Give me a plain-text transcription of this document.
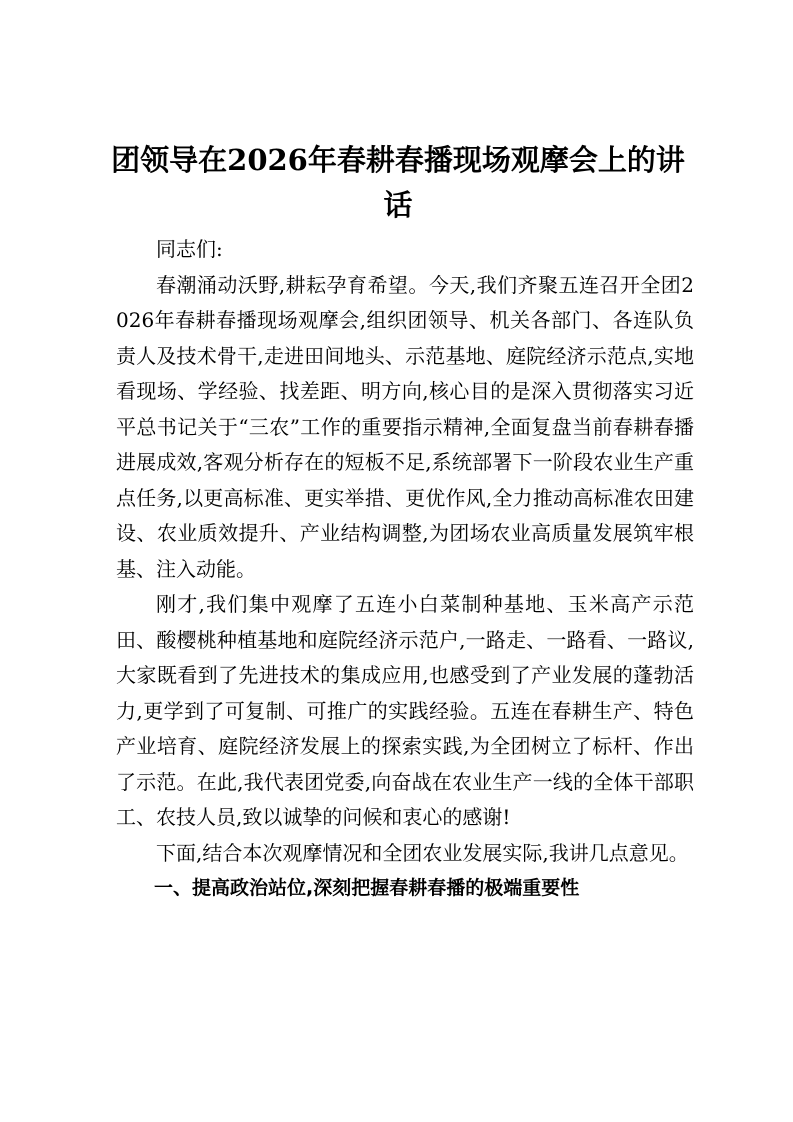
团领导在2026年春耕春播现场观摩会上的讲话

同志们:

春潮涌动沃野,耕耘孕育希望。今天,我们齐聚五连召开全团2026年春耕春播现场观摩会,组织团领导、机关各部门、各连队负责人及技术骨干,走进田间地头、示范基地、庭院经济示范点,实地看现场、学经验、找差距、明方向,核心目的是深入贯彻落实习近平总书记关于“三农”工作的重要指示精神,全面复盘当前春耕春播进展成效,客观分析存在的短板不足,系统部署下一阶段农业生产重点任务,以更高标准、更实举措、更优作风,全力推动高标准农田建设、农业质效提升、产业结构调整,为团场农业高质量发展筑牢根基、注入动能。

刚才,我们集中观摩了五连小白菜制种基地、玉米高产示范田、酸樱桃种植基地和庭院经济示范户,一路走、一路看、一路议,大家既看到了先进技术的集成应用,也感受到了产业发展的蓬勃活力,更学到了可复制、可推广的实践经验。五连在春耕生产、特色产业培育、庭院经济发展上的探索实践,为全团树立了标杆、作出了示范。在此,我代表团党委,向奋战在农业生产一线的全体干部职工、农技人员,致以诚挚的问候和衷心的感谢!

下面,结合本次观摩情况和全团农业发展实际,我讲几点意见。

一、提高政治站位,深刻把握春耕春播的极端重要性
